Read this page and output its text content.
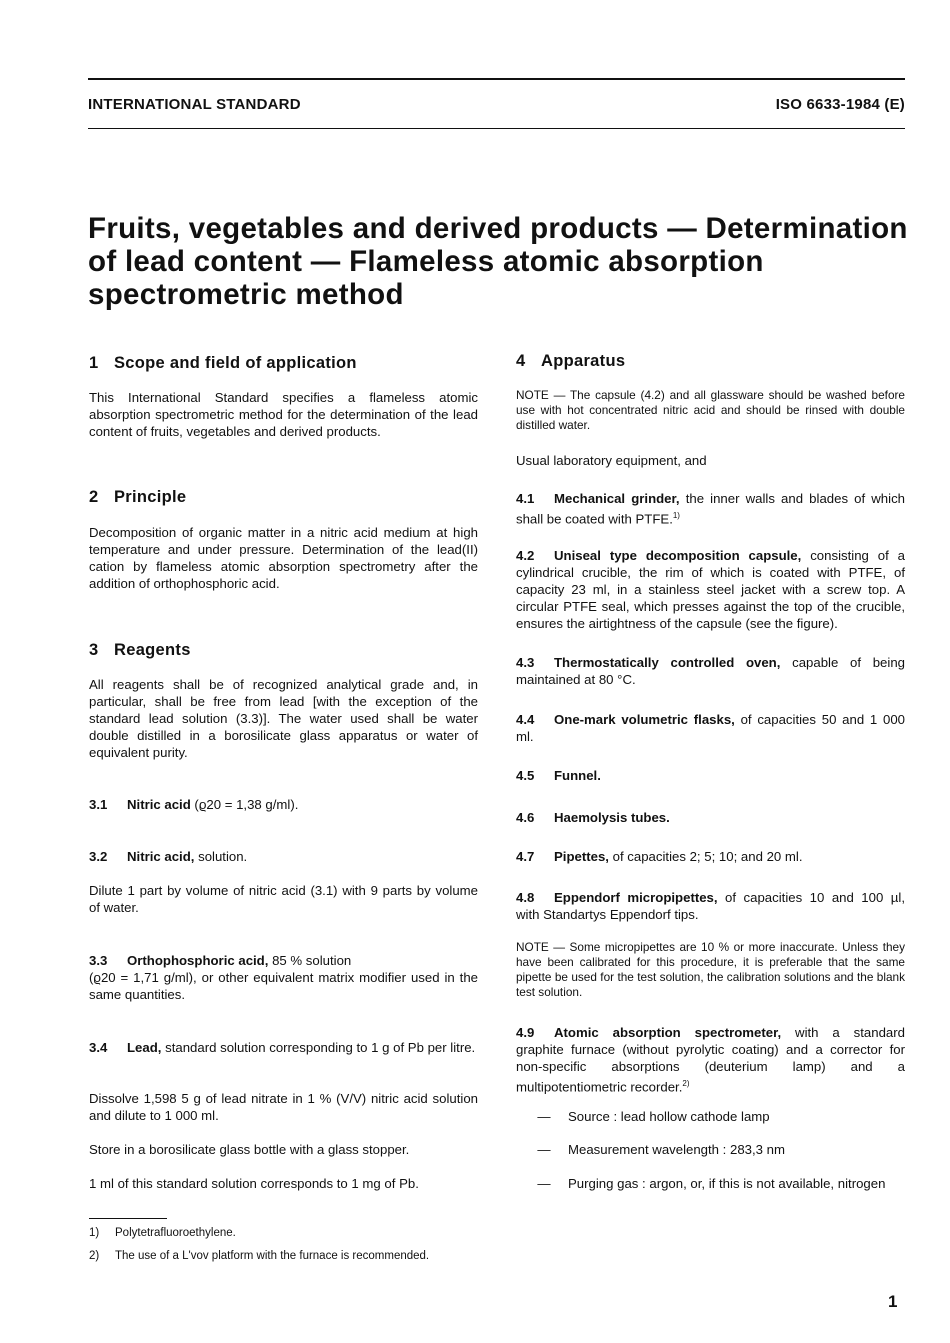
INTERNATIONAL STANDARD	ISO 6633-1984 (E)
Fruits, vegetables and derived products — Determination
of lead content — Flameless atomic absorption
spectrometric method
1 Scope and field of application
This International Standard specifies a flameless atomic absorption spectrometric method for the determination of the lead content of fruits, vegetables and derived products.
2 Principle
Decomposition of organic matter in a nitric acid medium at high temperature and under pressure. Determination of the lead(II) cation by flameless atomic absorption spectrometry after the addition of orthophosphoric acid.
3 Reagents
All reagents shall be of recognized analytical grade and, in particular, shall be free from lead [with the exception of the standard lead solution (3.3)]. The water used shall be water double distilled in a borosilicate glass apparatus or water of equivalent purity.
3.1 Nitric acid (ϱ20 = 1,38 g/ml).
3.2 Nitric acid, solution.
Dilute 1 part by volume of nitric acid (3.1) with 9 parts by volume of water.
3.3 Orthophosphoric acid, 85 % solution
(ϱ20 = 1,71 g/ml), or other equivalent matrix modifier used in the same quantities.
3.4 Lead, standard solution corresponding to 1 g of Pb per litre.
Dissolve 1,598 5 g of lead nitrate in 1 % (V/V) nitric acid solution and dilute to 1 000 ml.
Store in a borosilicate glass bottle with a glass stopper.
1 ml of this standard solution corresponds to 1 mg of Pb.
4 Apparatus
NOTE — The capsule (4.2) and all glassware should be washed before use with hot concentrated nitric acid and should be rinsed with double distilled water.
Usual laboratory equipment, and
4.1 Mechanical grinder, the inner walls and blades of which shall be coated with PTFE.$^{1)}$
4.2 Uniseal type decomposition capsule, consisting of a cylindrical crucible, the rim of which is coated with PTFE, of capacity 23 ml, in a stainless steel jacket with a screw top. A circular PTFE seal, which presses against the top of the crucible, ensures the airtightness of the capsule (see the figure).
4.3 Thermostatically controlled oven, capable of being maintained at 80 °C.
4.4 One-mark volumetric flasks, of capacities 50 and 1 000 ml.
4.5 Funnel.
4.6 Haemolysis tubes.
4.7 Pipettes, of capacities 2; 5; 10; and 20 ml.
4.8 Eppendorf micropipettes, of capacities 10 and 100 µl, with Standartys Eppendorf tips.
NOTE — Some micropipettes are 10 % or more inaccurate. Unless they have been calibrated for this procedure, it is preferable that the same pipette be used for the test solution, the calibration solutions and the blank test solution.
4.9 Atomic absorption spectrometer, with a standard graphite furnace (without pyrolytic coating) and a corrector for non-specific absorptions (deuterium lamp) and a multipotentiometric recorder.$^{2)}$
— Source : lead hollow cathode lamp
— Measurement wavelength : 283,3 nm
— Purging gas : argon, or, if this is not available, nitrogen
1) Polytetrafluoroethylene.
2) The use of a L'vov platform with the furnace is recommended.
1
